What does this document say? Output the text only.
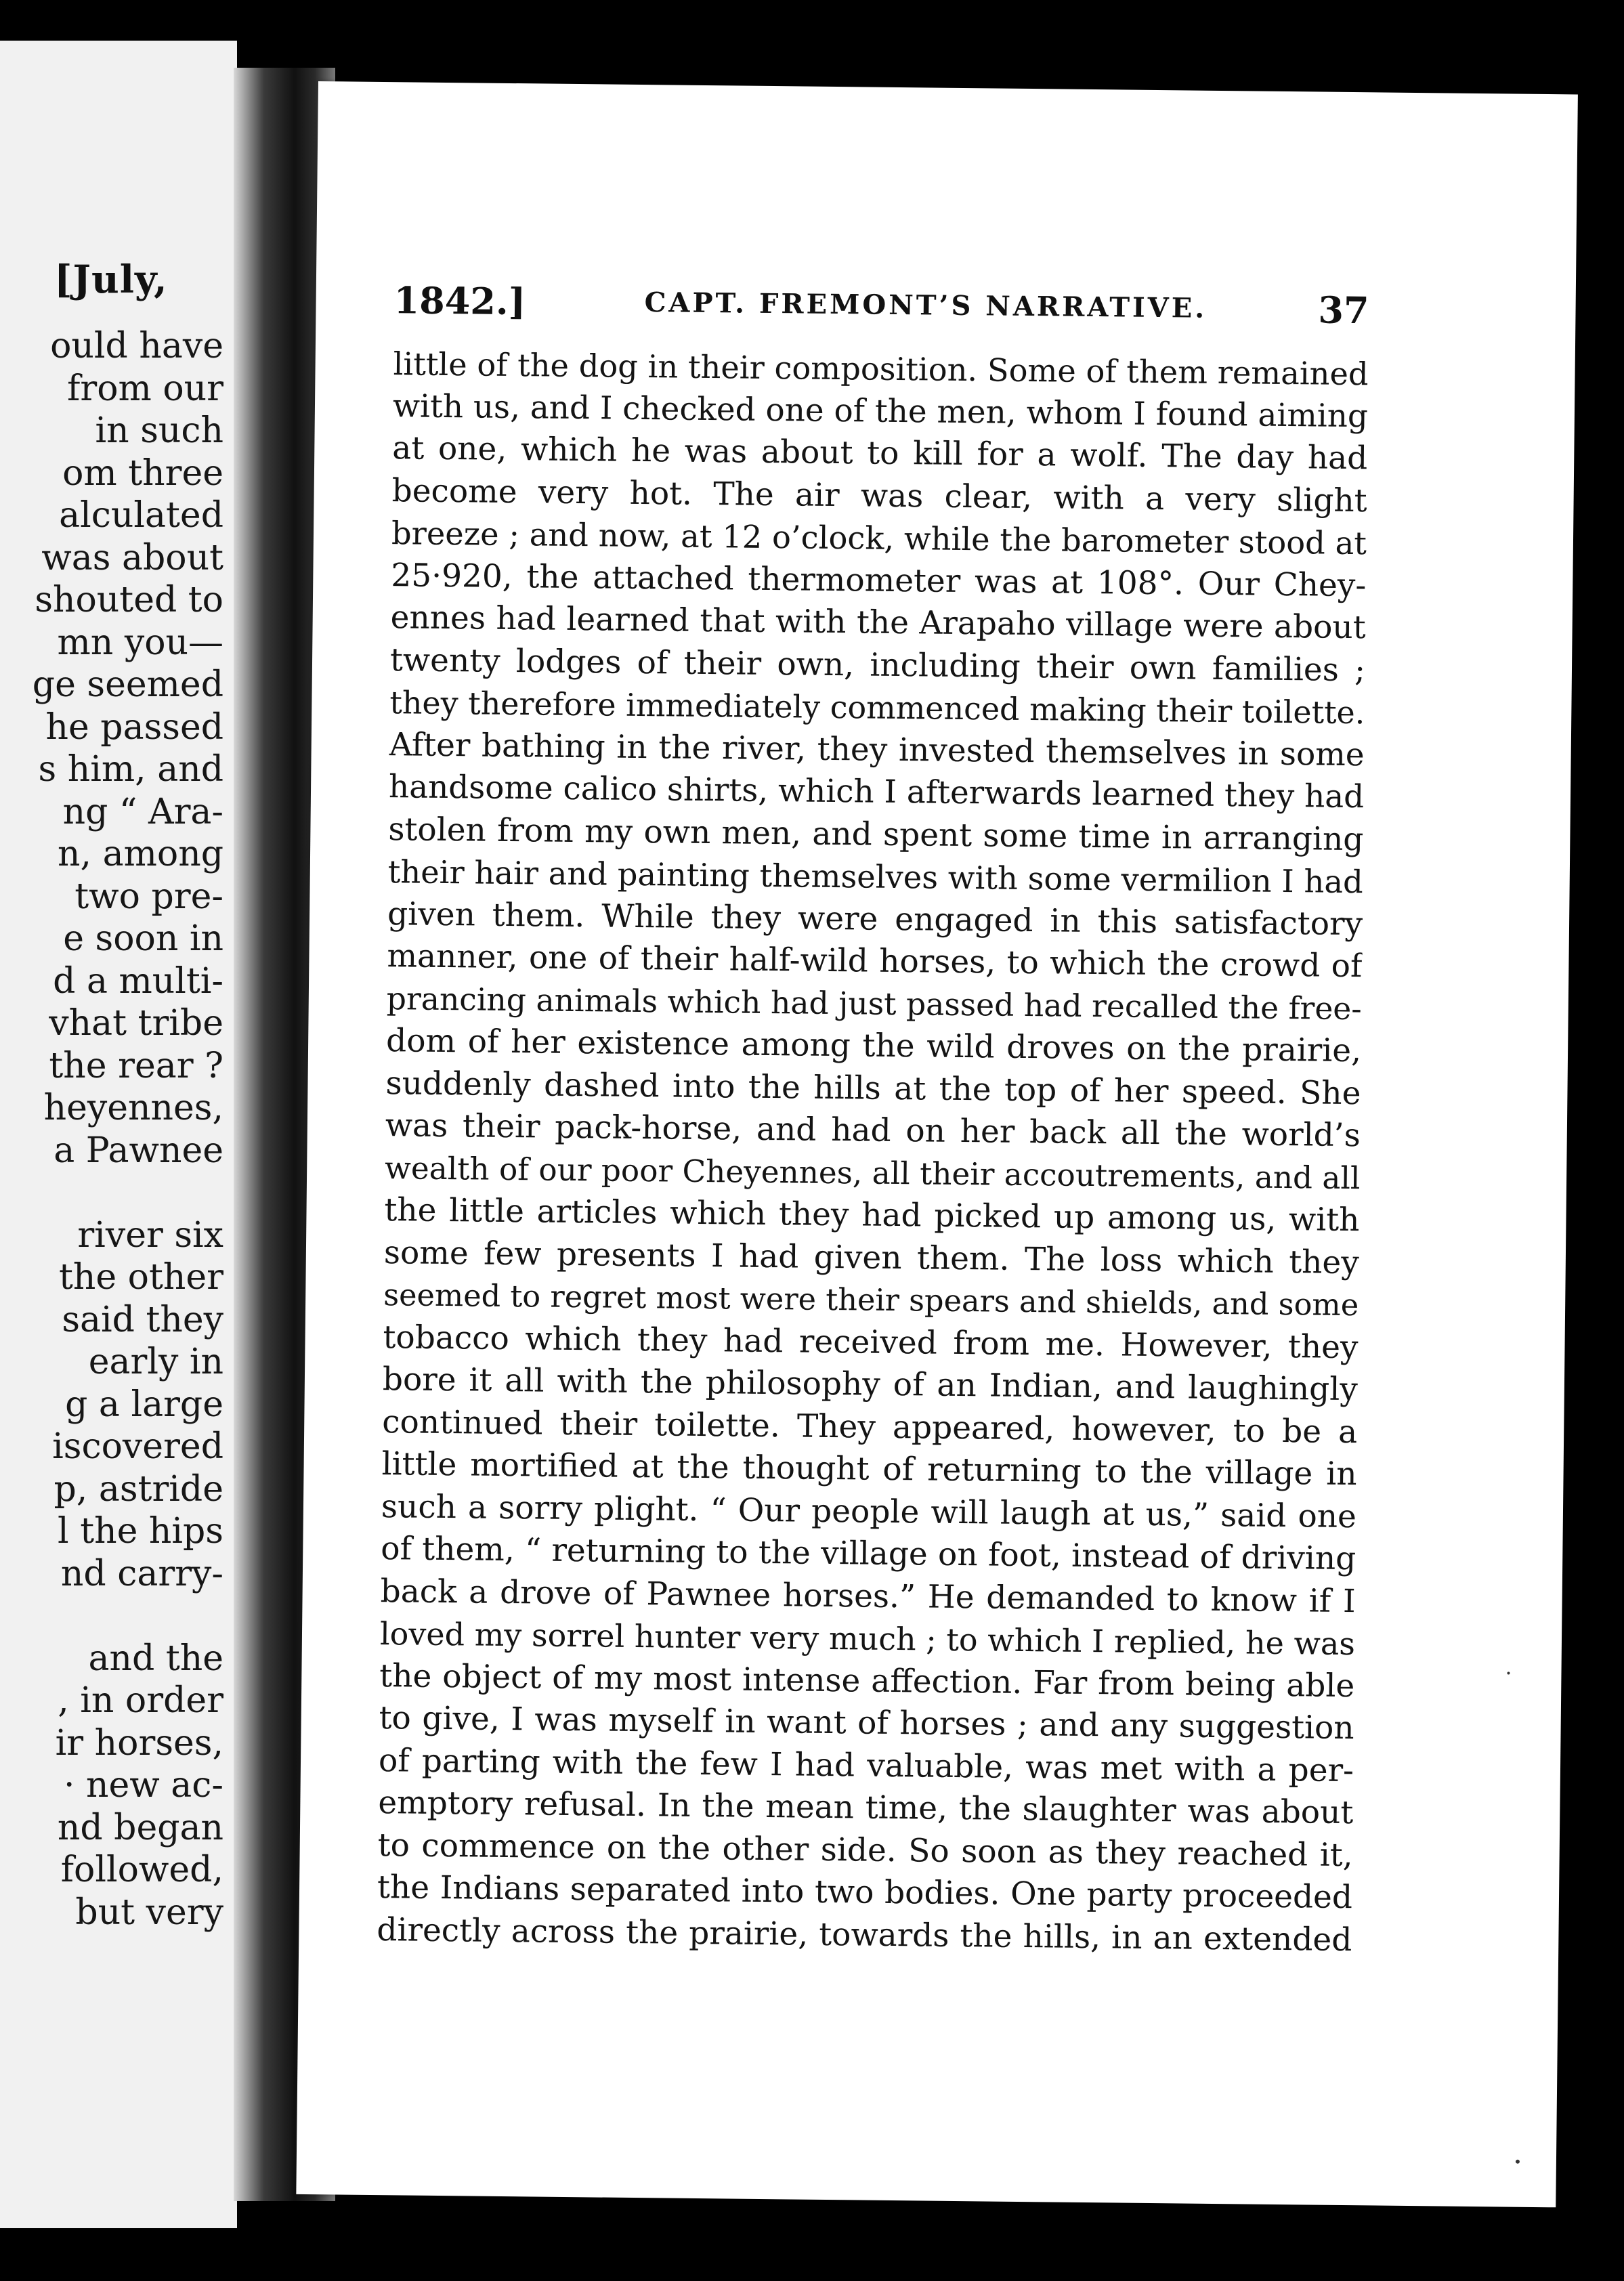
[July,
ould have
from our
in such
om three
alculated
was about
shouted to
mn you—
ge seemed
he passed
s him, and
ng “ Ara-
n, among
two pre-
e soon in
d a multi-
vhat tribe
the rear ?
heyennes,
a Pawnee
river six
the other
said they
early in
g a large
iscovered
p, astride
l the hips
nd carry-
and the
, in order
ir horses,
· new ac-
nd began
followed,
but very
1842.]	CAPT. FREMONT’S NARRATIVE.	37
little of the dog in their composition. Some of them remained
with us, and I checked one of the men, whom I found aiming
at one, which he was about to kill for a wolf. The day had
become very hot. The air was clear, with a very slight
breeze ; and now, at 12 o’clock, while the barometer stood at
25·920, the attached thermometer was at 108°. Our Chey-
ennes had learned that with the Arapaho village were about
twenty lodges of their own, including their own families ;
they therefore immediately commenced making their toilette.
After bathing in the river, they invested themselves in some
handsome calico shirts, which I afterwards learned they had
stolen from my own men, and spent some time in arranging
their hair and painting themselves with some vermilion I had
given them. While they were engaged in this satisfactory
manner, one of their half-wild horses, to which the crowd of
prancing animals which had just passed had recalled the free-
dom of her existence among the wild droves on the prairie,
suddenly dashed into the hills at the top of her speed. She
was their pack-horse, and had on her back all the world’s
wealth of our poor Cheyennes, all their accoutrements, and all
the little articles which they had picked up among us, with
some few presents I had given them. The loss which they
seemed to regret most were their spears and shields, and some
tobacco which they had received from me. However, they
bore it all with the philosophy of an Indian, and laughingly
continued their toilette. They appeared, however, to be a
little mortified at the thought of returning to the village in
such a sorry plight. “ Our people will laugh at us,” said one
of them, “ returning to the village on foot, instead of driving
back a drove of Pawnee horses.” He demanded to know if I
loved my sorrel hunter very much ; to which I replied, he was
the object of my most intense affection. Far from being able
to give, I was myself in want of horses ; and any suggestion
of parting with the few I had valuable, was met with a per-
emptory refusal. In the mean time, the slaughter was about
to commence on the other side. So soon as they reached it,
the Indians separated into two bodies. One party proceeded
directly across the prairie, towards the hills, in an extended
